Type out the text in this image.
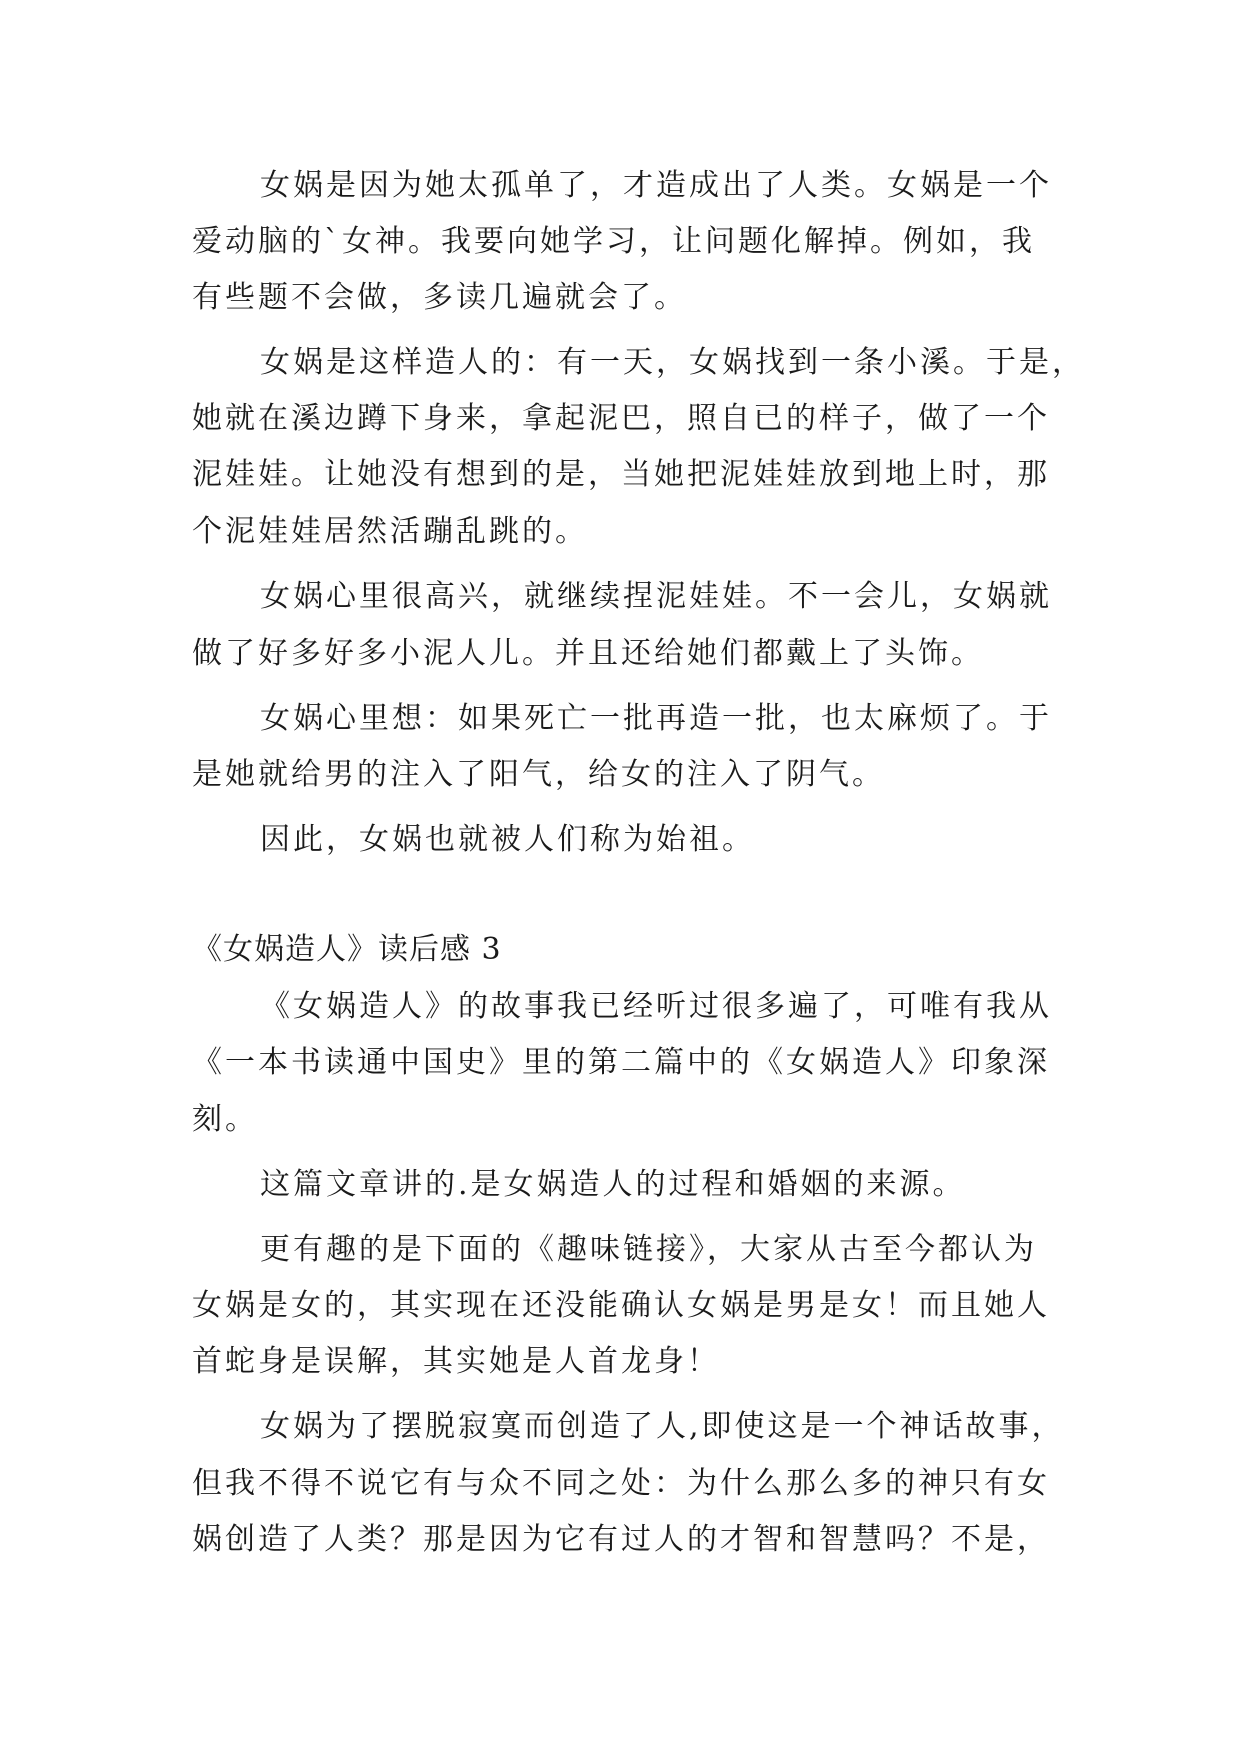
女娲是因为她太孤单了，才造成出了人类。女娲是一个
爱动脑的`女神。我要向她学习，让问题化解掉。例如，我
有些题不会做，多读几遍就会了。
女娲是这样造人的：有一天，女娲找到一条小溪。于是，
她就在溪边蹲下身来，拿起泥巴，照自已的样子，做了一个
泥娃娃。让她没有想到的是，当她把泥娃娃放到地上时，那
个泥娃娃居然活蹦乱跳的。
女娲心里很高兴，就继续捏泥娃娃。不一会儿，女娲就
做了好多好多小泥人儿。并且还给她们都戴上了头饰。
女娲心里想：如果死亡一批再造一批，也太麻烦了。于
是她就给男的注入了阳气，给女的注入了阴气。
因此，女娲也就被人们称为始祖。
《女娲造人》读后感 3
《女娲造人》的故事我已经听过很多遍了，可唯有我从
《一本书读通中国史》里的第二篇中的《女娲造人》印象深
刻。
这篇文章讲的.是女娲造人的过程和婚姻的来源。
更有趣的是下面的《趣味链接》，大家从古至今都认为
女娲是女的，其实现在还没能确认女娲是男是女！而且她人
首蛇身是误解，其实她是人首龙身！
女娲为了摆脱寂寞而创造了人,即使这是一个神话故事，
但我不得不说它有与众不同之处：为什么那么多的神只有女
娲创造了人类？那是因为它有过人的才智和智慧吗？不是，
